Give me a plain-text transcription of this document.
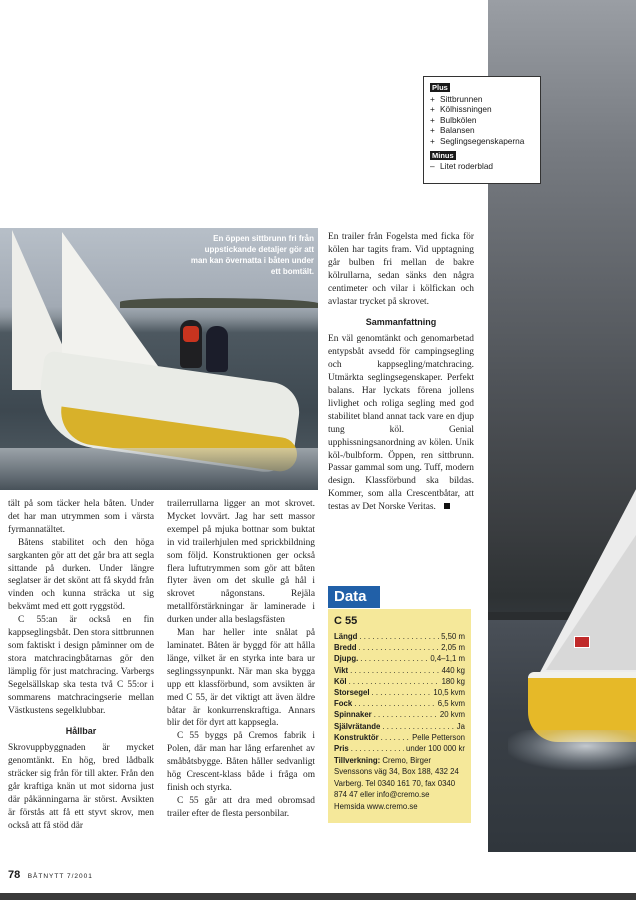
Plus
+ Sittbrunnen
+ Kölhissningen
+ Bulbkölen
+ Balansen
+ Seglingsegenskaperna
Minus
– Litet roderblad
En öppen sittbrunn fri från uppstickande detaljer gör att man kan övernatta i båten under ett bomtält.

tält på som täcker hela båten. Under det har man utrymmen som i värsta fyrmannatältet.

Båtens stabilitet och den höga sargkanten gör att det går bra att segla sittande på durken. Under längre seglatser är det skönt att få skydd från vinden och kunna sträcka ut sig bekvämt med ett gott ryggstöd.

C 55:an är också en fin kappseglingsbåt. Den stora sittbrunnen som faktiskt i design påminner om de stora matchracingbåtarnas gör den lämplig för just matchracing. Varbergs Segelsällskap ska testa två C 55:or i sommarens matchracingserie mellan Västkustens segelklubbar.

Hållbar

Skrovuppbyggnaden är mycket genomtänkt. En hög, bred lådbalk sträcker sig från för till akter. Från den går kraftiga knän ut mot sidorna just där påkänningarna är störst. Avsikten är förstås att få ett styvt skrov, men också att få stöd där

trailerrullarna ligger an mot skrovet. Mycket lovvärt. Jag har sett massor exempel på mjuka bottnar som buktat in vid trailerhjulen med sprickbildning som följd. Konstruktionen ger också flera luftutrymmen som gör att båten flyter även om det skulle gå hål i skrovet någonstans. Rejäla metallförstärkningar är laminerade i durken under alla beslagsfästen

Man har heller inte snålat på laminatet. Båten är byggd för att hålla länge, vilket är en styrka inte bara ur seglingssynpunkt. När man ska bygga upp ett klassförbund, som avsikten är med C 55, är det viktigt att även äldre båtar är konkurrenskraftiga. Annars blir det för dyrt att kappsegla.

C 55 byggs på Cremos fabrik i Polen, där man har lång erfarenhet av småbåtsbygge. Båten håller sedvanligt hög Crescent-klass både i fråga om finish och styrka.

C 55 går att dra med obromsad trailer efter de flesta personbilar.

En trailer från Fogelsta med ficka för kölen har tagits fram. Vid upptagning går bulben fri mellan de bakre kölrullarna, sedan sänks den några centimeter och vilar i kölfickan och avlastar trycket på skrovet.

Sammanfattning

En väl genomtänkt och genomarbetad entypsbåt avsedd för campingsegling och kappsegling/matchracing. Utmärkta seglingsegenskaper. Perfekt balans. Har lyckats förena jollens livlighet och roliga segling med god stabilitet bland annat tack vare en djup tung köl. Genial upphissningsanordning av kölen. Unik köl-/bulbform. Öppen, ren sittbrunn. Passar gammal som ung. Tuff, modern design. Klassförbund ska bildas. Kommer, som alla Crescentbåtar, att testas av Det Norske Veritas.

Data
C 55
Längd . . .	5,50 m
Bredd . . .	2,05 m
Djupg. . . .	0,4–1,1 m
Vikt . . .	440 kg
Köl . . .	180 kg
Storsegel . . .	10,5 kvm
Fock . . .	6,5 kvm
Spinnaker . . .	20 kvm
Självrätande . . .	Ja
Konstruktör . . .	Pelle Petterson
Pris . . .	under 100 000 kr
Tillverkning: Cremo, Birger Svenssons väg 34, Box 188, 432 24 Varberg. Tel 0340 161 70, fax 0340 874 47 eller info@cremo.se
Hemsida www.cremo.se
78 BÅTNYTT 7/2001
